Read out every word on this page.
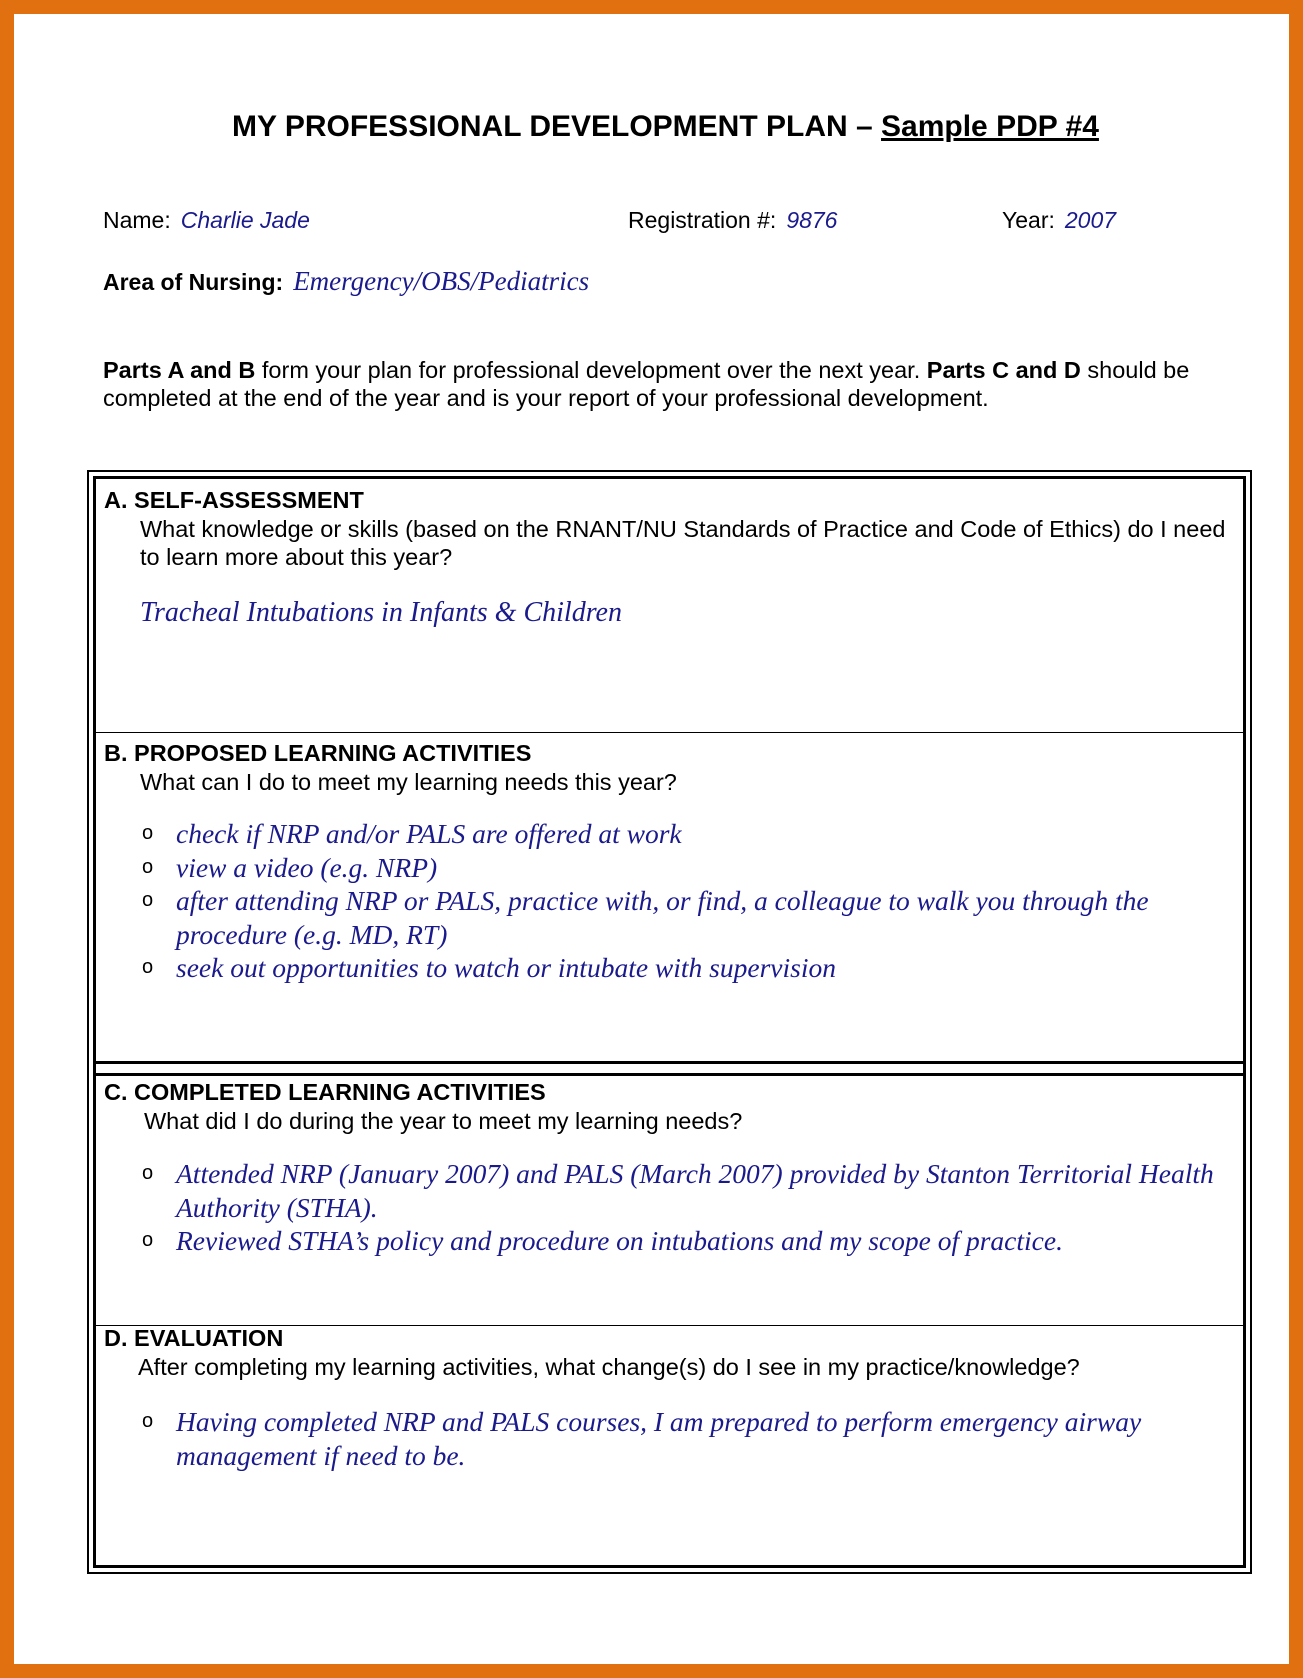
MY PROFESSIONAL DEVELOPMENT PLAN – Sample PDP #4
Name: Charlie Jade	Registration #: 9876	Year: 2007
Area of Nursing: Emergency/OBS/Pediatrics
Parts A and B form your plan for professional development over the next year. Parts C and D should be completed at the end of the year and is your report of your professional development.
A. SELF-ASSESSMENT
What knowledge or skills (based on the RNANT/NU Standards of Practice and Code of Ethics) do I need to learn more about this year?
Tracheal Intubations in Infants & Children
B. PROPOSED LEARNING ACTIVITIES
What can I do to meet my learning needs this year?
o check if NRP and/or PALS are offered at work
o view a video (e.g. NRP)
o after attending NRP or PALS, practice with, or find, a colleague to walk you through the procedure (e.g. MD, RT)
o seek out opportunities to watch or intubate with supervision
C. COMPLETED LEARNING ACTIVITIES
What did I do during the year to meet my learning needs?
o Attended NRP (January 2007) and PALS (March 2007) provided by Stanton Territorial Health Authority (STHA).
o Reviewed STHA’s policy and procedure on intubations and my scope of practice.
D. EVALUATION
After completing my learning activities, what change(s) do I see in my practice/knowledge?
o Having completed NRP and PALS courses, I am prepared to perform emergency airway management if need to be.
